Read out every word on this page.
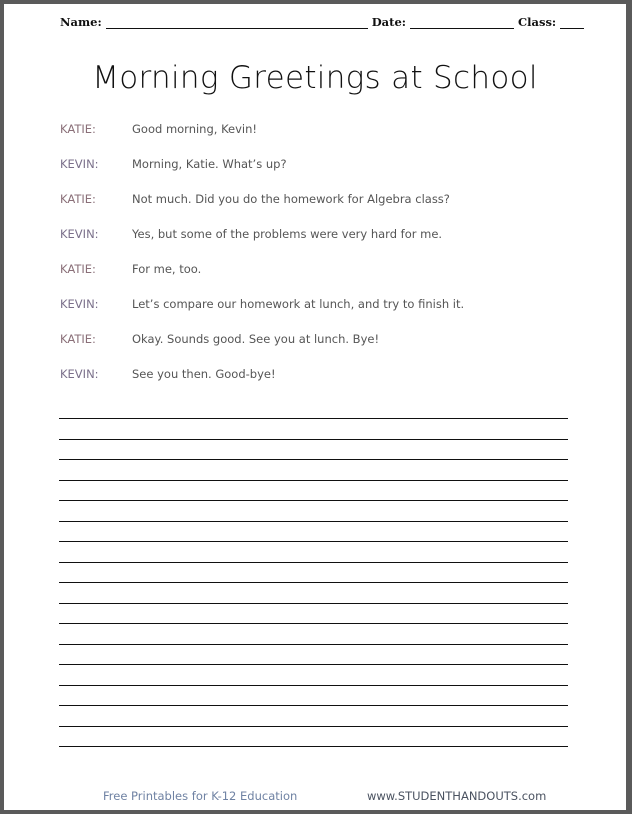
Name:	Date:	Class:
Morning Greetings at School
KATIE:	Good morning, Kevin!
KEVIN:	Morning, Katie. What’s up?
KATIE:	Not much. Did you do the homework for Algebra class?
KEVIN:	Yes, but some of the problems were very hard for me.
KATIE:	For me, too.
KEVIN:	Let’s compare our homework at lunch, and try to finish it.
KATIE:	Okay. Sounds good. See you at lunch. Bye!
KEVIN:	See you then. Good-bye!
Free Printables for K-12 Education	www.STUDENTHANDOUTS.com
